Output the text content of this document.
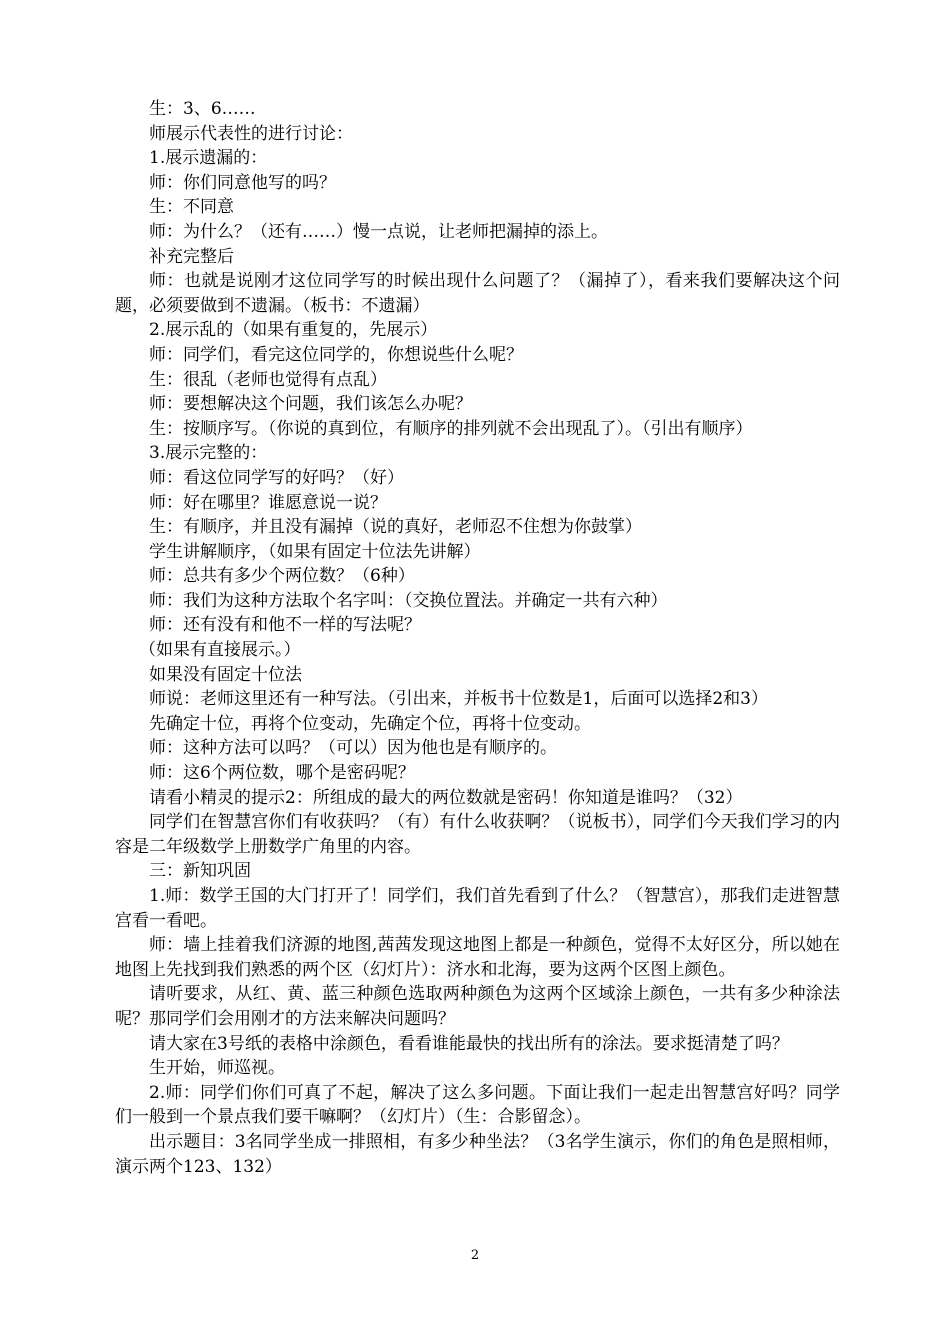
生：3、6……

师展示代表性的进行讨论：

1.展示遗漏的：

师：你们同意他写的吗？

生：不同意

师：为什么？（还有……）慢一点说，让老师把漏掉的添上。

补充完整后

师：也就是说刚才这位同学写的时候出现什么问题了？（漏掉了），看来我们要解决这个问题，必须要做到不遗漏。（板书：不遗漏）

2.展示乱的（如果有重复的，先展示）

师：同学们，看完这位同学的，你想说些什么呢？

生：很乱（老师也觉得有点乱）

师：要想解决这个问题，我们该怎么办呢？

生：按顺序写。（你说的真到位，有顺序的排列就不会出现乱了）。（引出有顺序）

3.展示完整的：

师：看这位同学写的好吗？（好）

师：好在哪里？谁愿意说一说？

生：有顺序，并且没有漏掉（说的真好，老师忍不住想为你鼓掌）

学生讲解顺序，（如果有固定十位法先讲解）

师：总共有多少个两位数？（6种）

师：我们为这种方法取个名字叫：（交换位置法。并确定一共有六种）

师：还有没有和他不一样的写法呢？

（如果有直接展示。）

如果没有固定十位法

师说：老师这里还有一种写法。（引出来，并板书十位数是1，后面可以选择2和3）

先确定十位，再将个位变动，先确定个位，再将十位变动。

师：这种方法可以吗？（可以）因为他也是有顺序的。

师：这6个两位数，哪个是密码呢？

请看小精灵的提示2：所组成的最大的两位数就是密码！你知道是谁吗？（32）

同学们在智慧宫你们有收获吗？（有）有什么收获啊？（说板书），同学们今天我们学习的内容是二年级数学上册数学广角里的内容。

三：新知巩固

1.师：数学王国的大门打开了！同学们，我们首先看到了什么？（智慧宫），那我们走进智慧宫看一看吧。

师：墙上挂着我们济源的地图,茜茜发现这地图上都是一种颜色，觉得不太好区分，所以她在地图上先找到我们熟悉的两个区（幻灯片）：济水和北海，要为这两个区图上颜色。

请听要求，从红、黄、蓝三种颜色选取两种颜色为这两个区域涂上颜色，一共有多少种涂法呢？那同学们会用刚才的方法来解决问题吗？

请大家在3号纸的表格中涂颜色，看看谁能最快的找出所有的涂法。要求挺清楚了吗？

生开始，师巡视。

2.师：同学们你们可真了不起，解决了这么多问题。下面让我们一起走出智慧宫好吗？同学们一般到一个景点我们要干嘛啊？（幻灯片）（生：合影留念）。

出示题目：3名同学坐成一排照相，有多少种坐法？（3名学生演示，你们的角色是照相师，演示两个123、132）

2
